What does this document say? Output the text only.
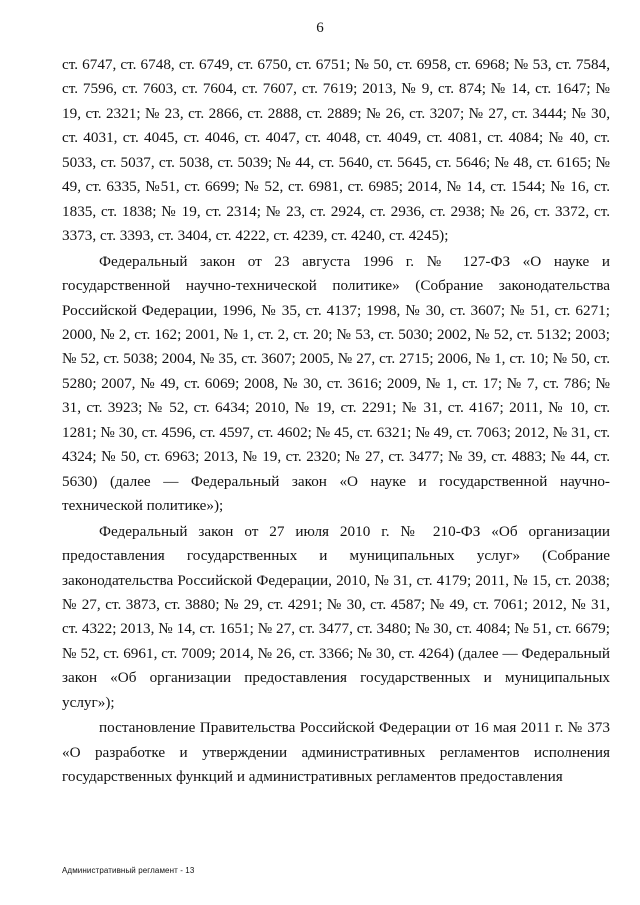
6

ст. 6747, ст. 6748, ст. 6749, ст. 6750, ст. 6751; № 50, ст. 6958, ст. 6968; № 53, ст. 7584, ст. 7596, ст. 7603, ст. 7604, ст. 7607, ст. 7619; 2013, № 9, ст. 874; № 14, ст. 1647; № 19, ст. 2321; № 23, ст. 2866, ст. 2888, ст. 2889; № 26, ст. 3207; № 27, ст. 3444; № 30, ст. 4031, ст. 4045, ст. 4046, ст. 4047, ст. 4048, ст. 4049, ст. 4081, ст. 4084; № 40, ст. 5033, ст. 5037, ст. 5038, ст. 5039; № 44, ст. 5640, ст. 5645, ст. 5646; № 48, ст. 6165; № 49, ст. 6335, №51, ст. 6699; № 52, ст. 6981, ст. 6985; 2014, № 14, ст. 1544; № 16, ст. 1835, ст. 1838; № 19, ст. 2314; № 23, ст. 2924, ст. 2936, ст. 2938; № 26, ст. 3372, ст. 3373, ст. 3393, ст. 3404, ст. 4222, ст. 4239, ст. 4240, ст. 4245);

Федеральный закон от 23 августа 1996 г. № 127-ФЗ «О науке и государственной научно-технической политике» (Собрание законодательства Российской Федерации, 1996, № 35, ст. 4137; 1998, № 30, ст. 3607; № 51, ст. 6271; 2000, № 2, ст. 162; 2001, № 1, ст. 2, ст. 20; № 53, ст. 5030; 2002, № 52, ст. 5132; 2003; № 52, ст. 5038; 2004, № 35, ст. 3607; 2005, № 27, ст. 2715; 2006, № 1, ст. 10; № 50, ст. 5280; 2007, № 49, ст. 6069; 2008, № 30, ст. 3616; 2009, № 1, ст. 17; № 7, ст. 786; № 31, ст. 3923; № 52, ст. 6434; 2010, № 19, ст. 2291; № 31, ст. 4167; 2011, № 10, ст. 1281; № 30, ст. 4596, ст. 4597, ст. 4602; № 45, ст. 6321; № 49, ст. 7063; 2012, № 31, ст. 4324; № 50, ст. 6963; 2013, № 19, ст. 2320; № 27, ст. 3477; № 39, ст. 4883; № 44, ст. 5630) (далее — Федеральный закон «О науке и государственной научно-технической политике»);

Федеральный закон от 27 июля 2010 г. № 210-ФЗ «Об организации предоставления государственных и муниципальных услуг» (Собрание законодательства Российской Федерации, 2010, № 31, ст. 4179; 2011, № 15, ст. 2038; № 27, ст. 3873, ст. 3880; № 29, ст. 4291; № 30, ст. 4587; № 49, ст. 7061; 2012, № 31, ст. 4322; 2013, № 14, ст. 1651; № 27, ст. 3477, ст. 3480; № 30, ст. 4084; № 51, ст. 6679; № 52, ст. 6961, ст. 7009; 2014, № 26, ст. 3366; № 30, ст. 4264) (далее — Федеральный закон «Об организации предоставления государственных и муниципальных услуг»);

постановление Правительства Российской Федерации от 16 мая 2011 г. № 373 «О разработке и утверждении административных регламентов исполнения государственных функций и административных регламентов предоставления

Административный регламент - 13
